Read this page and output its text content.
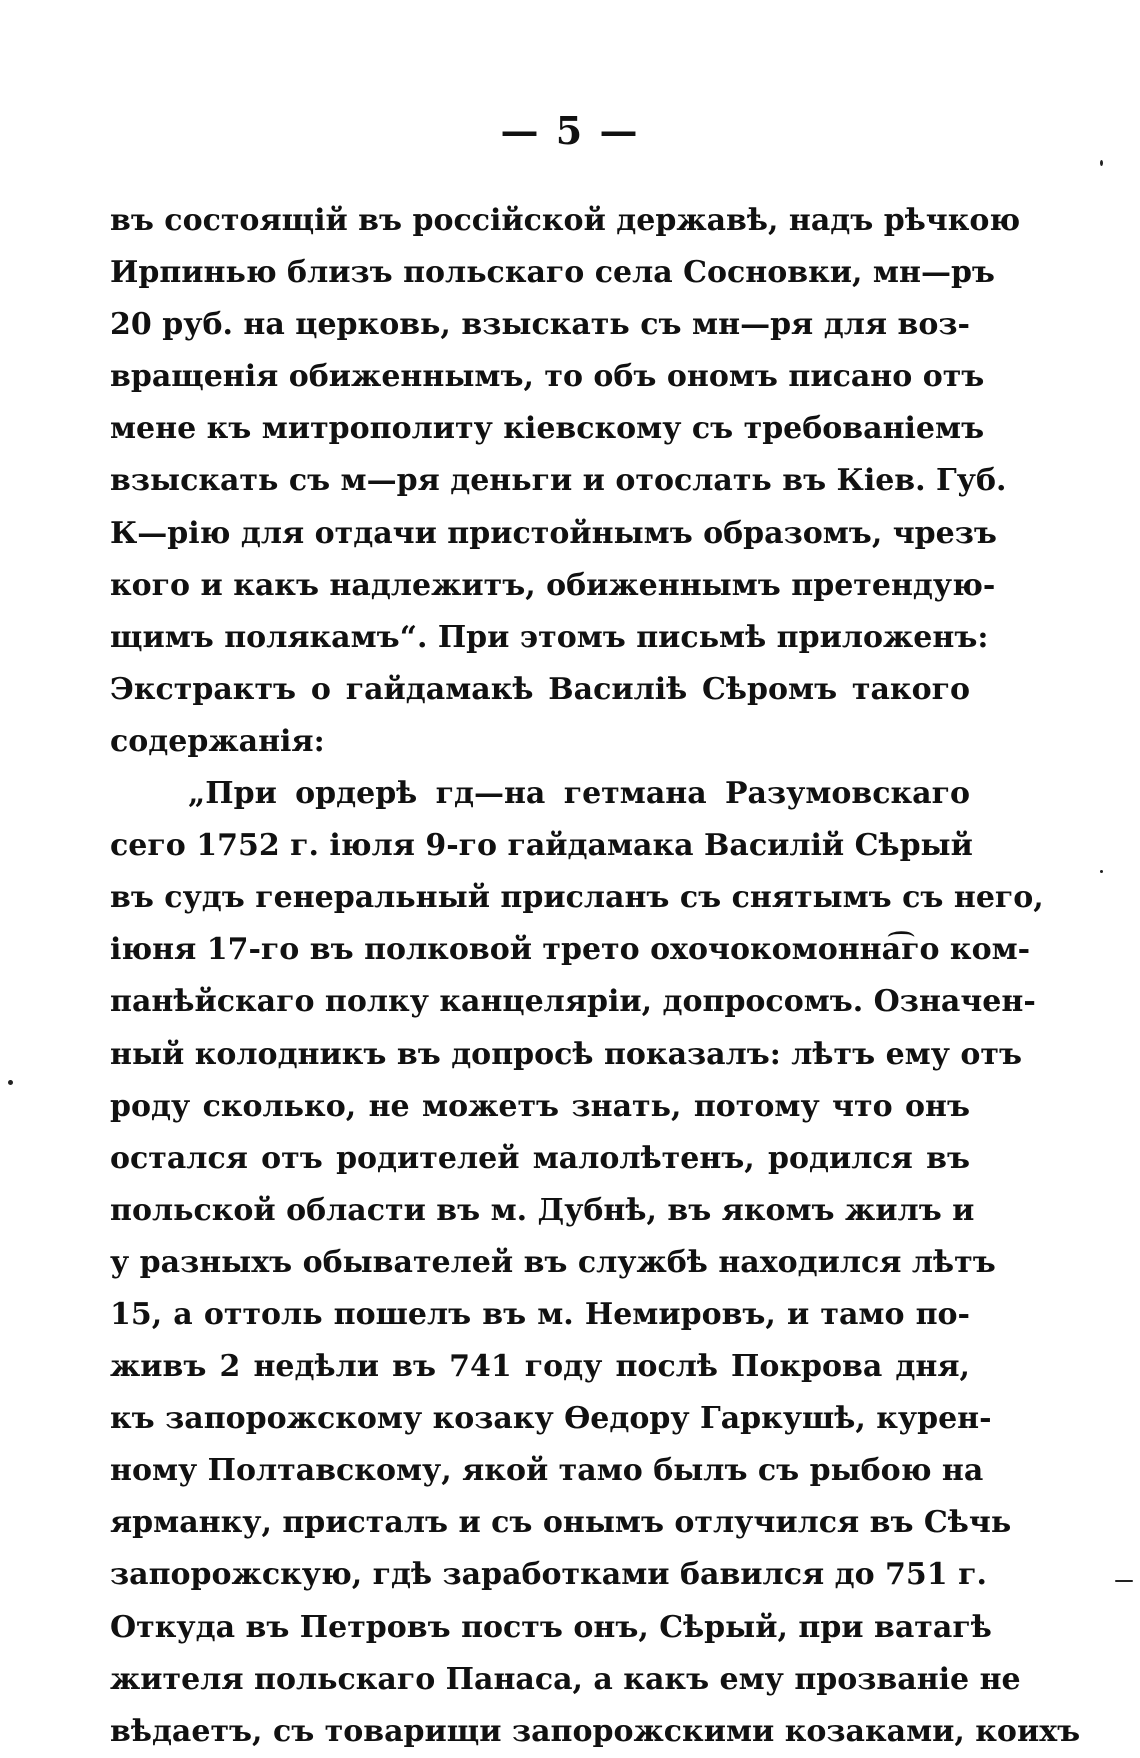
— 5 —
въ состоящій въ россійской державѣ, надъ рѣчкою
Ирпинью близъ польскаго села Сосновки, мн—ръ
20 руб. на церковь, взыскать съ мн—ря для воз-
вращенія обиженнымъ, то объ ономъ писано отъ
мене къ митрополиту кіевскому съ требованіемъ
взыскать съ м—ря деньги и отослать въ Кіев. Губ.
К—рію для отдачи пристойнымъ образомъ, чрезъ
кого и какъ надлежитъ, обиженнымъ претендую-
щимъ полякамъ“. При этомъ письмѣ приложенъ:
Экстрактъ о гайдамакѣ Василіѣ Сѣромъ такого
содержанія:
„При ордерѣ гд—на гетмана Разумовскаго
сего 1752 г. іюля 9-го гайдамака Василій Сѣрый
въ судъ генеральный присланъ съ снятымъ съ него,
іюня 17-го въ полковой трето охочокомонна͡го ком-
панѣйскаго полку канцеляріи, допросомъ. Означен-
ный колодникъ въ допросѣ показалъ: лѣтъ ему отъ
роду сколько, не можетъ знать, потому что онъ
остался отъ родителей малолѣтенъ, родился въ
польской области въ м. Дубнѣ, въ якомъ жилъ и
у разныхъ обывателей въ службѣ находился лѣтъ
15, а оттоль пошелъ въ м. Немировъ, и тамо по-
живъ 2 недѣли въ 741 году послѣ Покрова дня,
къ запорожскому козаку Ѳедору Гаркушѣ, курен-
ному Полтавскому, якой тамо былъ съ рыбою на
ярманку, присталъ и съ онымъ отлучился въ Сѣчь
запорожскую, гдѣ заработками бавился до 751 г.
Откуда въ Петровъ постъ онъ, Сѣрый, при ватагѣ
жителя польскаго Панаса, а какъ ему прозваніе не
вѣдаетъ, съ товарищи запорожскими козаками, коихъ
